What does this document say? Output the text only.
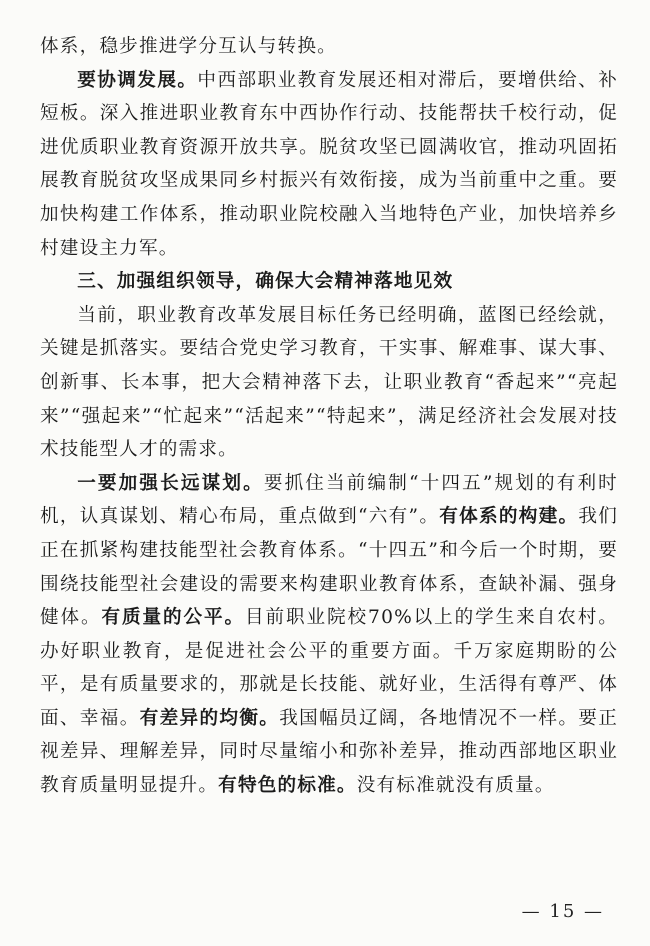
体系，稳步推进学分互认与转换。

要协调发展。中西部职业教育发展还相对滞后，要增供给、补短板。深入推进职业教育东中西协作行动、技能帮扶千校行动，促进优质职业教育资源开放共享。脱贫攻坚已圆满收官，推动巩固拓展教育脱贫攻坚成果同乡村振兴有效衔接，成为当前重中之重。要加快构建工作体系，推动职业院校融入当地特色产业，加快培养乡村建设主力军。

三、加强组织领导，确保大会精神落地见效

当前，职业教育改革发展目标任务已经明确，蓝图已经绘就，关键是抓落实。要结合党史学习教育，干实事、解难事、谋大事、创新事、长本事，把大会精神落下去，让职业教育“香起来”“亮起来”“强起来”“忙起来”“活起来”“特起来”，满足经济社会发展对技术技能型人才的需求。

一要加强长远谋划。要抓住当前编制“十四五”规划的有利时机，认真谋划、精心布局，重点做到“六有”。有体系的构建。我们正在抓紧构建技能型社会教育体系。“十四五”和今后一个时期，要围绕技能型社会建设的需要来构建职业教育体系，查缺补漏、强身健体。有质量的公平。目前职业院校70%以上的学生来自农村。办好职业教育，是促进社会公平的重要方面。千万家庭期盼的公平，是有质量要求的，那就是长技能、就好业，生活得有尊严、体面、幸福。有差异的均衡。我国幅员辽阔，各地情况不一样。要正视差异、理解差异，同时尽量缩小和弥补差异，推动西部地区职业教育质量明显提升。有特色的标准。没有标准就没有质量。

— 15 —
